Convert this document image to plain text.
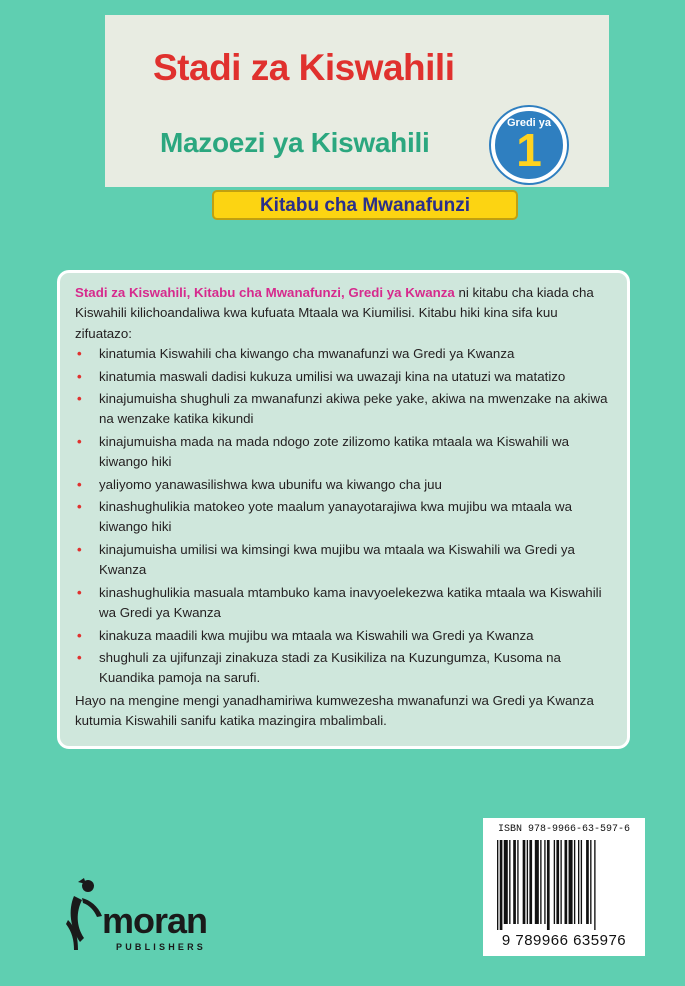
Stadi za Kiswahili
Mazoezi ya Kiswahili
Gredi ya
1
Kitabu cha Mwanafunzi

Stadi za Kiswahili, Kitabu cha Mwanafunzi, Gredi ya Kwanza ni kitabu cha kiada cha Kiswahili kilichoandaliwa kwa kufuata Mtaala wa Kiumilisi. Kitabu hiki kina sifa kuu zifuatazo:

• kinatumia Kiswahili cha kiwango cha mwanafunzi wa Gredi ya Kwanza
• kinatumia maswali dadisi kukuza umilisi wa uwazaji kina na utatuzi wa matatizo
• kinajumuisha shughuli za mwanafunzi akiwa peke yake, akiwa na mwenzake na akiwa na wenzake katika kikundi
• kinajumuisha mada na mada ndogo zote zilizomo katika mtaala wa Kiswahili wa kiwango hiki
• yaliyomo yanawasilishwa kwa ubunifu wa kiwango cha juu
• kinashughulikia matokeo yote maalum yanayotarajiwa kwa mujibu wa mtaala wa kiwango hiki
• kinajumuisha umilisi wa kimsingi kwa mujibu wa mtaala wa Kiswahili wa Gredi ya Kwanza
• kinashughulikia masuala mtambuko kama inavyoelekezwa katika mtaala wa Kiswahili wa Gredi ya Kwanza
• kinakuza maadili kwa mujibu wa mtaala wa Kiswahili wa Gredi ya Kwanza
• shughuli za ujifunzaji zinakuza stadi za Kusikiliza na Kuzungumza, Kusoma na Kuandika pamoja na sarufi.

Hayo na mengine mengi yanadhamiriwa kumwezesha mwanafunzi wa Gredi ya Kwanza kutumia Kiswahili sanifu katika mazingira mbalimbali.

moran
PUBLISHERS
ISBN 978-9966-63-597-6
9 789966 635976
